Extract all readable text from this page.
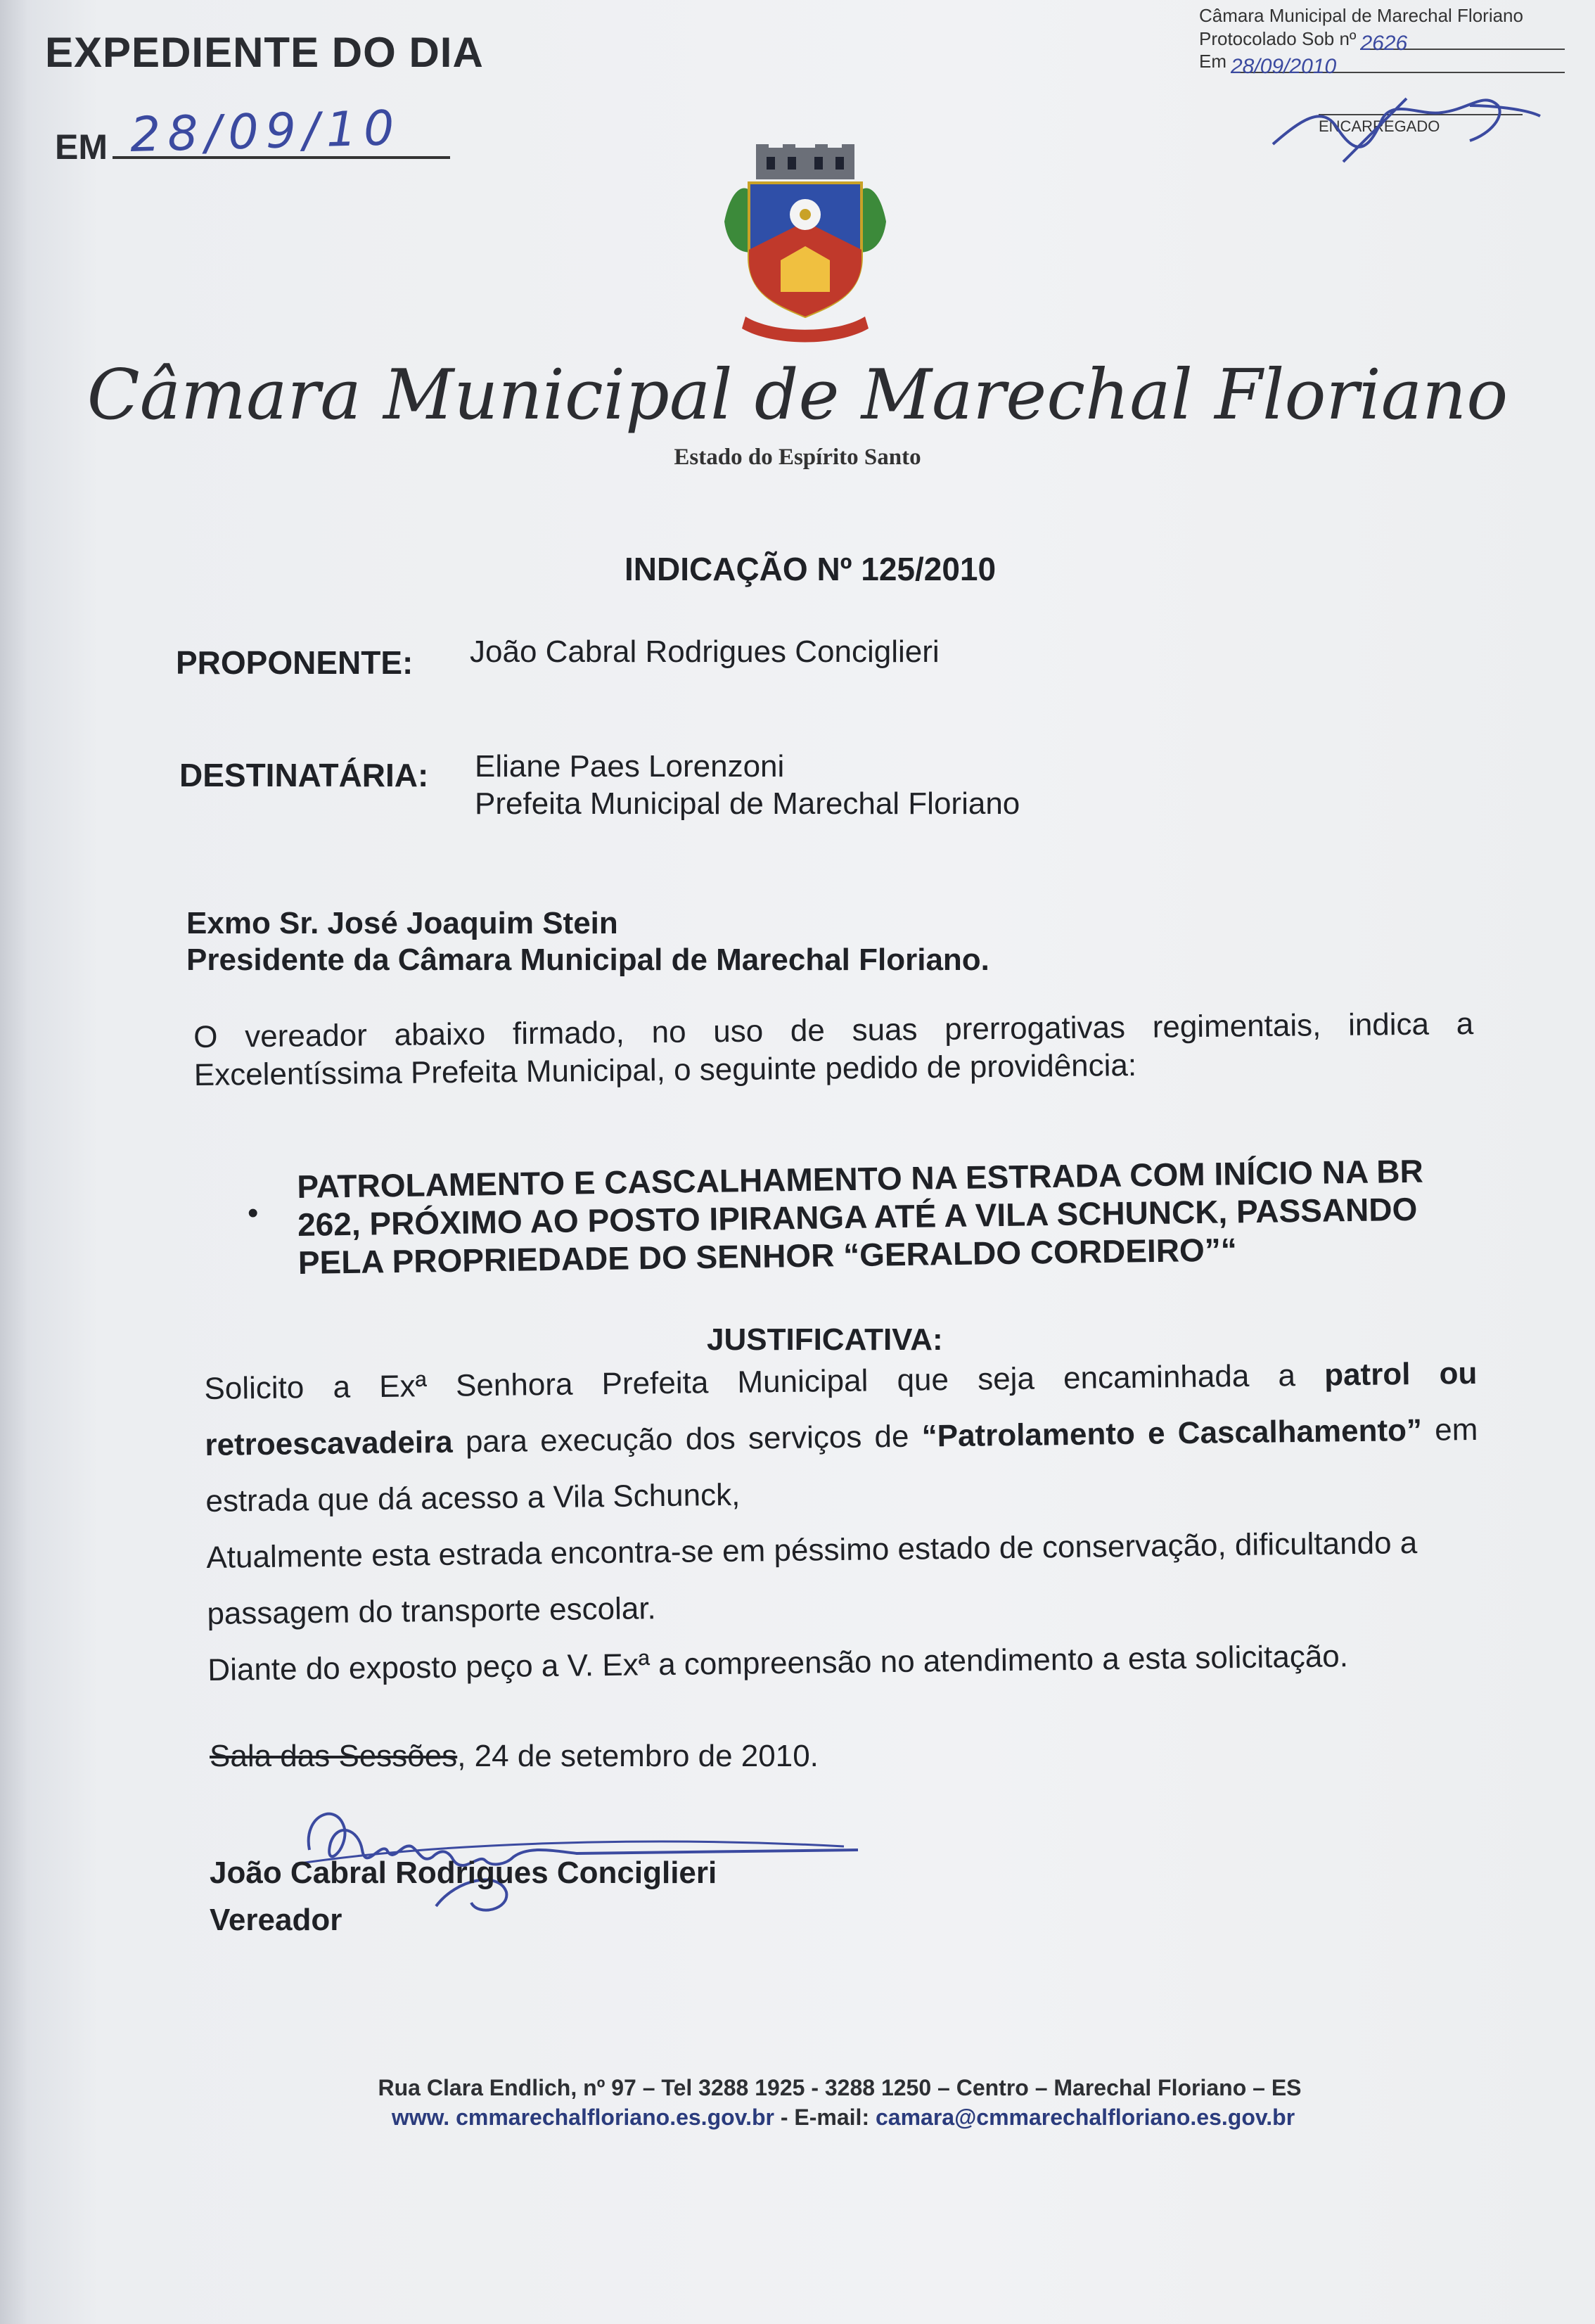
EXPEDIENTE DO DIA
EM 28/09/10
Câmara Municipal de Marechal Floriano
Protocolado Sob nº 2626
Em 28/09/2010
ENCARREGADO
Câmara Municipal de Marechal Floriano
Estado do Espírito Santo
INDICAÇÃO Nº 125/2010
PROPONENTE: João Cabral Rodrigues Conciglieri
DESTINATÁRIA: Eliane Paes Lorenzoni
Prefeita Municipal de Marechal Floriano
Exmo Sr. José Joaquim Stein
Presidente da Câmara Municipal de Marechal Floriano.
O vereador abaixo firmado, no uso de suas prerrogativas regimentais, indica a Excelentíssima Prefeita Municipal, o seguinte pedido de providência:
•
PATROLAMENTO E CASCALHAMENTO NA ESTRADA COM INÍCIO NA BR 262, PRÓXIMO AO POSTO IPIRANGA ATÉ A VILA SCHUNCK, PASSANDO PELA PROPRIEDADE DO SENHOR “GERALDO CORDEIRO”“
JUSTIFICATIVA:

Solicito a Exª Senhora Prefeita Municipal que seja encaminhada a patrol ou retroescavadeira para execução dos serviços de “Patrolamento e Cascalhamento” em estrada que dá acesso a Vila Schunck,

Atualmente esta estrada encontra-se em péssimo estado de conservação, dificultando a passagem do transporte escolar.

Diante do exposto peço a V. Exª a compreensão no atendimento a esta solicitação.

Sala das Sessões, 24 de setembro de 2010.
João Cabral Rodrigues Conciglieri
Vereador
Rua Clara Endlich, nº 97 – Tel 3288 1925 - 3288 1250 – Centro – Marechal Floriano – ES
www. cmmarechalfloriano.es.gov.br - E-mail: camara@cmmarechalfloriano.es.gov.br
